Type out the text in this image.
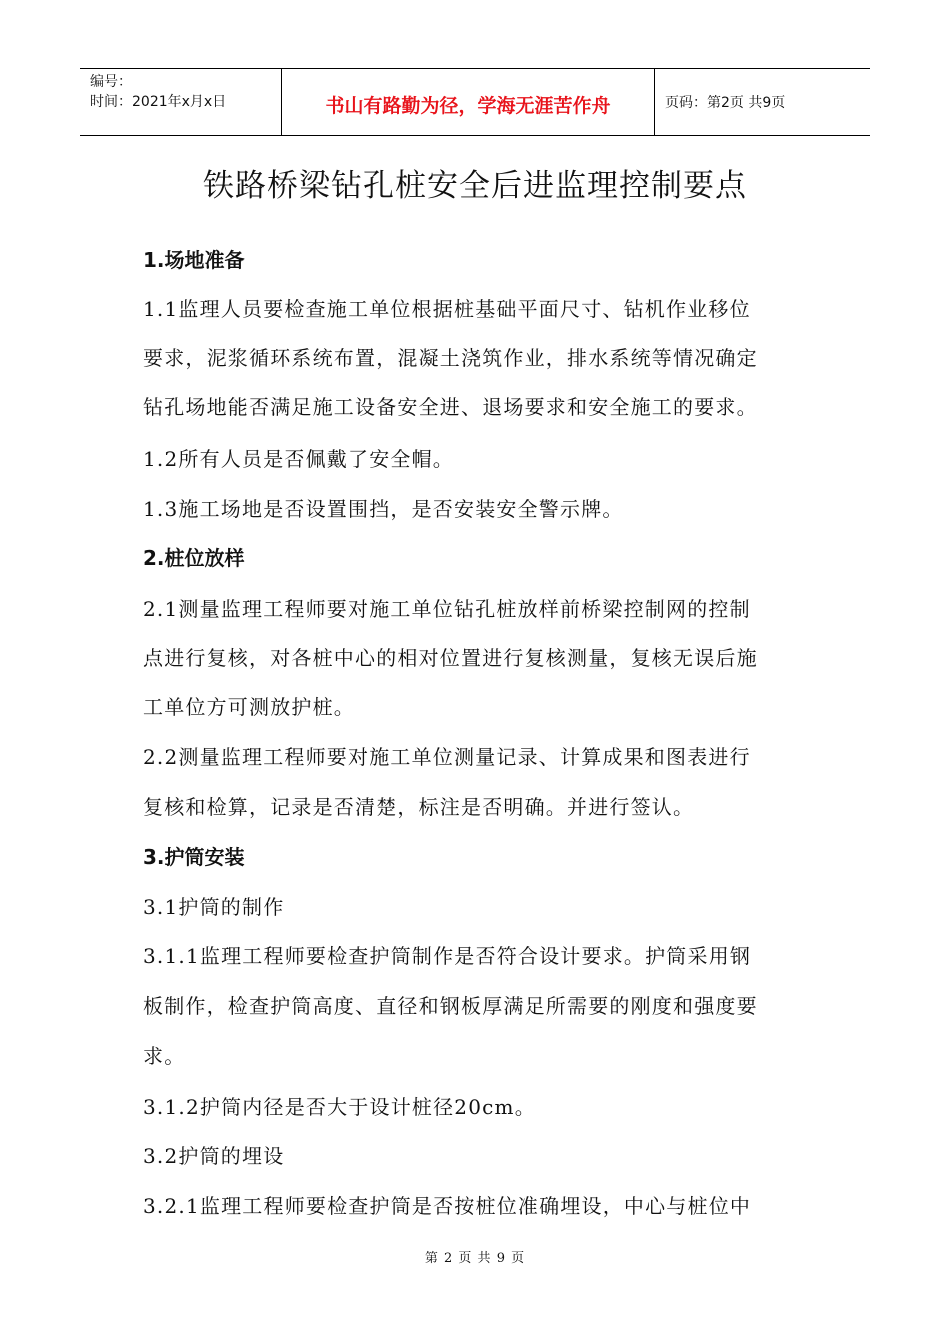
编号：
时间：2021年x月x日	书山有路勤为径，学海无涯苦作舟	页码：第2页 共9页
铁路桥梁钻孔桩安全后进监理控制要点
1.场地准备
1.1监理人员要检查施工单位根据桩基础平面尺寸、钻机作业移位
要求，泥浆循环系统布置，混凝土浇筑作业，排水系统等情况确定
钻孔场地能否满足施工设备安全进、退场要求和安全施工的要求。
1.2所有人员是否佩戴了安全帽。
1.3施工场地是否设置围挡，是否安装安全警示牌。
2.桩位放样
2.1测量监理工程师要对施工单位钻孔桩放样前桥梁控制网的控制
点进行复核，对各桩中心的相对位置进行复核测量，复核无误后施
工单位方可测放护桩。
2.2测量监理工程师要对施工单位测量记录、计算成果和图表进行
复核和检算，记录是否清楚，标注是否明确。并进行签认。
3.护筒安装
3.1护筒的制作
3.1.1监理工程师要检查护筒制作是否符合设计要求。护筒采用钢
板制作，检查护筒高度、直径和钢板厚满足所需要的刚度和强度要
求。
3.1.2护筒内径是否大于设计桩径20cm。
3.2护筒的埋设
3.2.1监理工程师要检查护筒是否按桩位准确埋设，中心与桩位中
第 2 页 共 9 页
